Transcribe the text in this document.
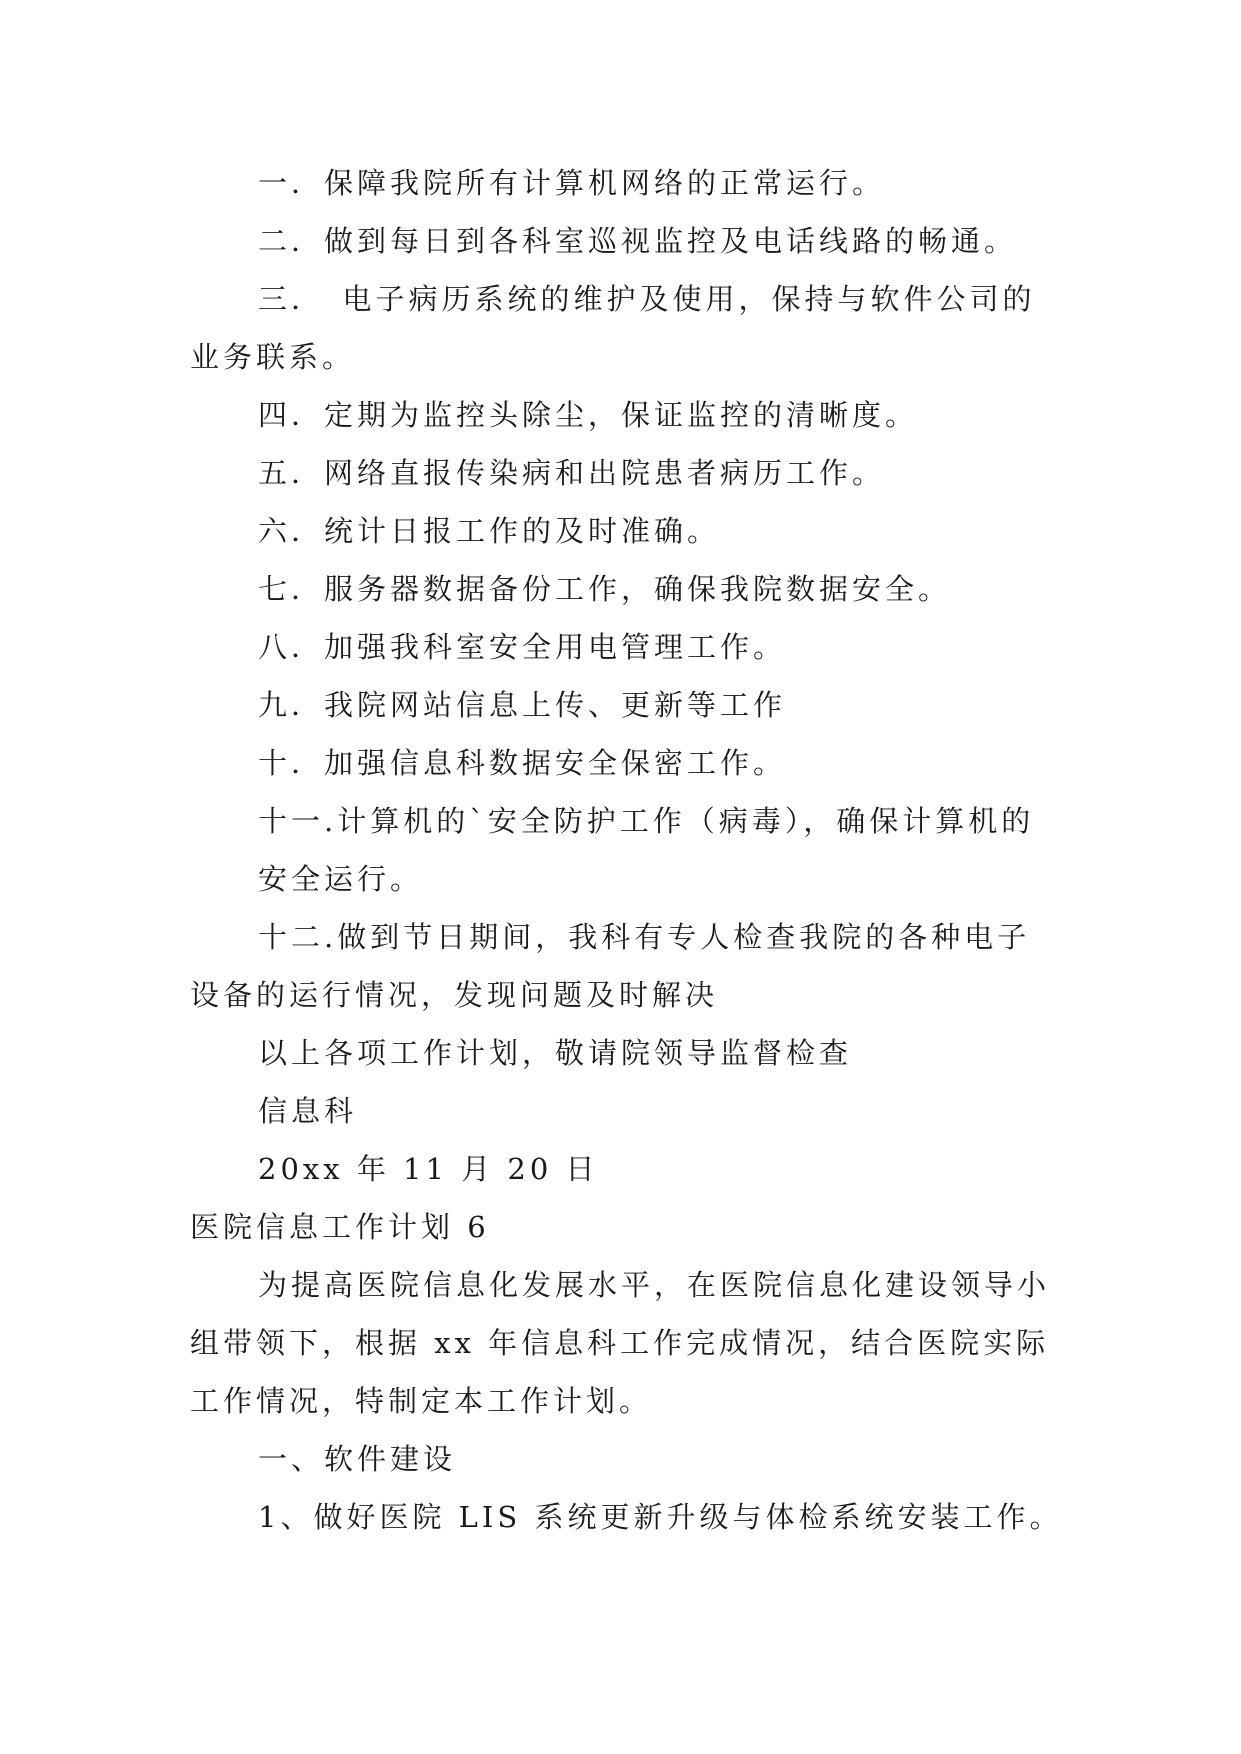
一．保障我院所有计算机网络的正常运行。
二．做到每日到各科室巡视监控及电话线路的畅通。
三．　电子病历系统的维护及使用，保持与软件公司的
业务联系。
四．定期为监控头除尘，保证监控的清晰度。
五．网络直报传染病和出院患者病历工作。
六．统计日报工作的及时准确。
七．服务器数据备份工作，确保我院数据安全。
八．加强我科室安全用电管理工作。
九．我院网站信息上传、更新等工作
十．加强信息科数据安全保密工作。
十一.计算机的`安全防护工作（病毒），确保计算机的
安全运行。
十二.做到节日期间，我科有专人检查我院的各种电子
设备的运行情况，发现问题及时解决
以上各项工作计划，敬请院领导监督检查
信息科
20xx 年 11 月 20 日
医院信息工作计划 6
为提高医院信息化发展水平，在医院信息化建设领导小
组带领下，根据 xx 年信息科工作完成情况，结合医院实际
工作情况，特制定本工作计划。
一、软件建设
1、做好医院 LIS 系统更新升级与体检系统安装工作。
